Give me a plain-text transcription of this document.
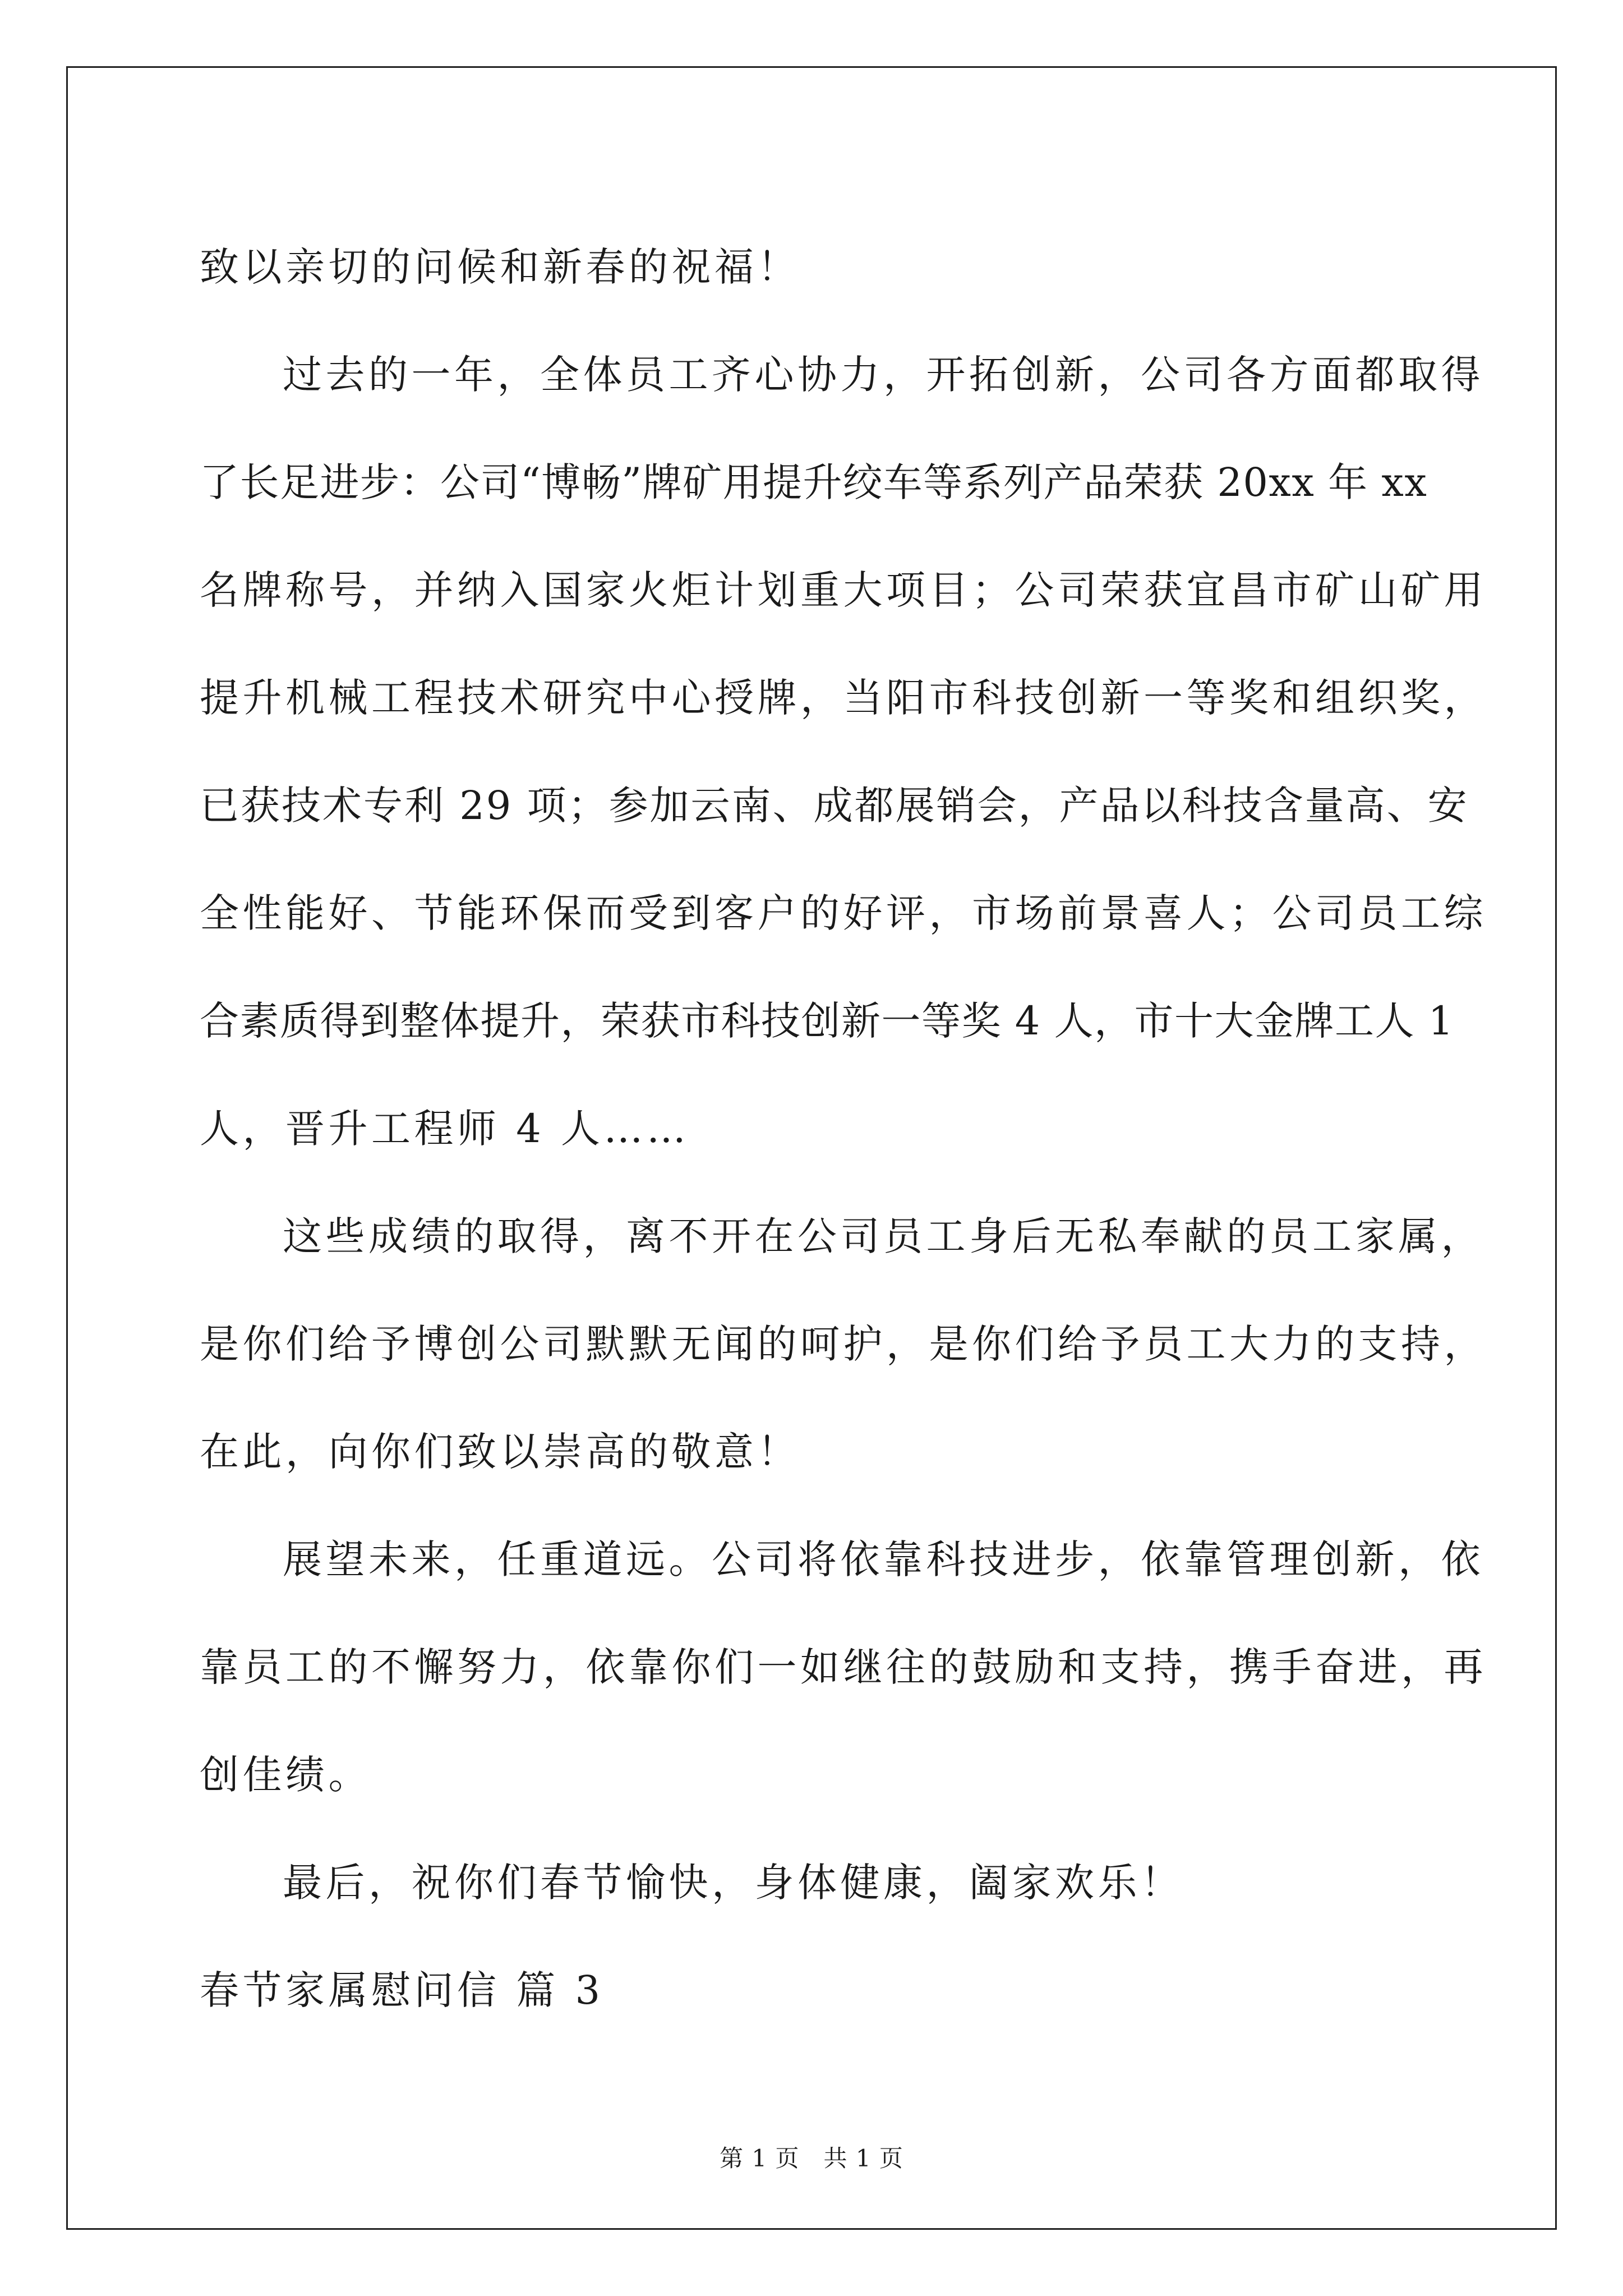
致以亲切的问候和新春的祝福！
过去的一年，全体员工齐心协力，开拓创新，公司各方面都取得
了长足进步：公司“博畅”牌矿用提升绞车等系列产品荣获 20xx 年 xx
名牌称号，并纳入国家火炬计划重大项目；公司荣获宜昌市矿山矿用
提升机械工程技术研究中心授牌，当阳市科技创新一等奖和组织奖，
已获技术专利 29 项；参加云南、成都展销会，产品以科技含量高、安
全性能好、节能环保而受到客户的好评，市场前景喜人；公司员工综
合素质得到整体提升，荣获市科技创新一等奖 4 人，市十大金牌工人 1
人，晋升工程师 4 人……
这些成绩的取得，离不开在公司员工身后无私奉献的员工家属，
是你们给予博创公司默默无闻的呵护，是你们给予员工大力的支持，
在此，向你们致以崇高的敬意！
展望未来，任重道远。公司将依靠科技进步，依靠管理创新，依
靠员工的不懈努力，依靠你们一如继往的鼓励和支持，携手奋进，再
创佳绩。
最后，祝你们春节愉快，身体健康，阖家欢乐！
春节家属慰问信 篇 3
第 1 页　共 1 页
